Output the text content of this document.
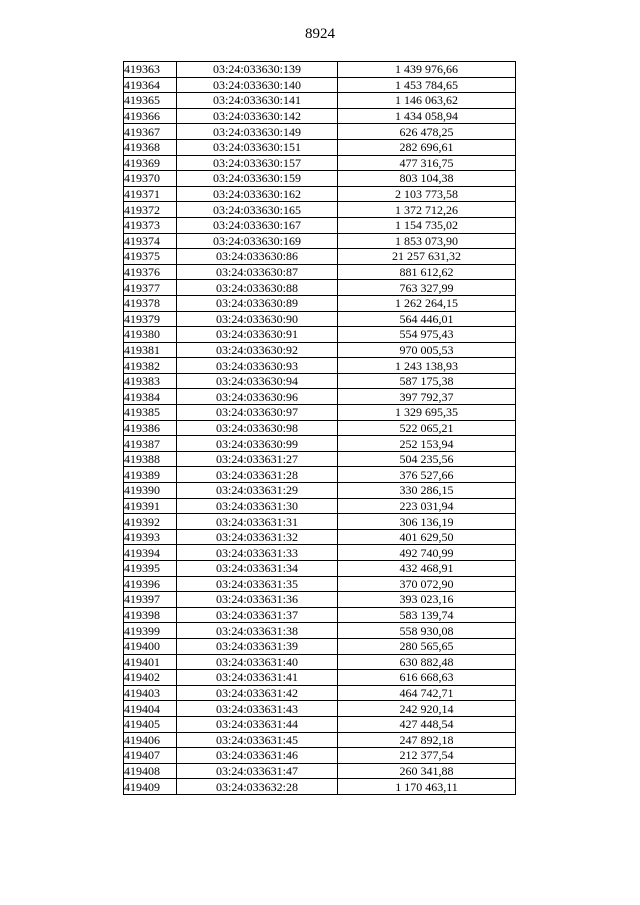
8924
419363	03:24:033630:139	1 439 976,66
419364	03:24:033630:140	1 453 784,65
419365	03:24:033630:141	1 146 063,62
419366	03:24:033630:142	1 434 058,94
419367	03:24:033630:149	626 478,25
419368	03:24:033630:151	282 696,61
419369	03:24:033630:157	477 316,75
419370	03:24:033630:159	803 104,38
419371	03:24:033630:162	2 103 773,58
419372	03:24:033630:165	1 372 712,26
419373	03:24:033630:167	1 154 735,02
419374	03:24:033630:169	1 853 073,90
419375	03:24:033630:86	21 257 631,32
419376	03:24:033630:87	881 612,62
419377	03:24:033630:88	763 327,99
419378	03:24:033630:89	1 262 264,15
419379	03:24:033630:90	564 446,01
419380	03:24:033630:91	554 975,43
419381	03:24:033630:92	970 005,53
419382	03:24:033630:93	1 243 138,93
419383	03:24:033630:94	587 175,38
419384	03:24:033630:96	397 792,37
419385	03:24:033630:97	1 329 695,35
419386	03:24:033630:98	522 065,21
419387	03:24:033630:99	252 153,94
419388	03:24:033631:27	504 235,56
419389	03:24:033631:28	376 527,66
419390	03:24:033631:29	330 286,15
419391	03:24:033631:30	223 031,94
419392	03:24:033631:31	306 136,19
419393	03:24:033631:32	401 629,50
419394	03:24:033631:33	492 740,99
419395	03:24:033631:34	432 468,91
419396	03:24:033631:35	370 072,90
419397	03:24:033631:36	393 023,16
419398	03:24:033631:37	583 139,74
419399	03:24:033631:38	558 930,08
419400	03:24:033631:39	280 565,65
419401	03:24:033631:40	630 882,48
419402	03:24:033631:41	616 668,63
419403	03:24:033631:42	464 742,71
419404	03:24:033631:43	242 920,14
419405	03:24:033631:44	427 448,54
419406	03:24:033631:45	247 892,18
419407	03:24:033631:46	212 377,54
419408	03:24:033631:47	260 341,88
419409	03:24:033632:28	1 170 463,11
